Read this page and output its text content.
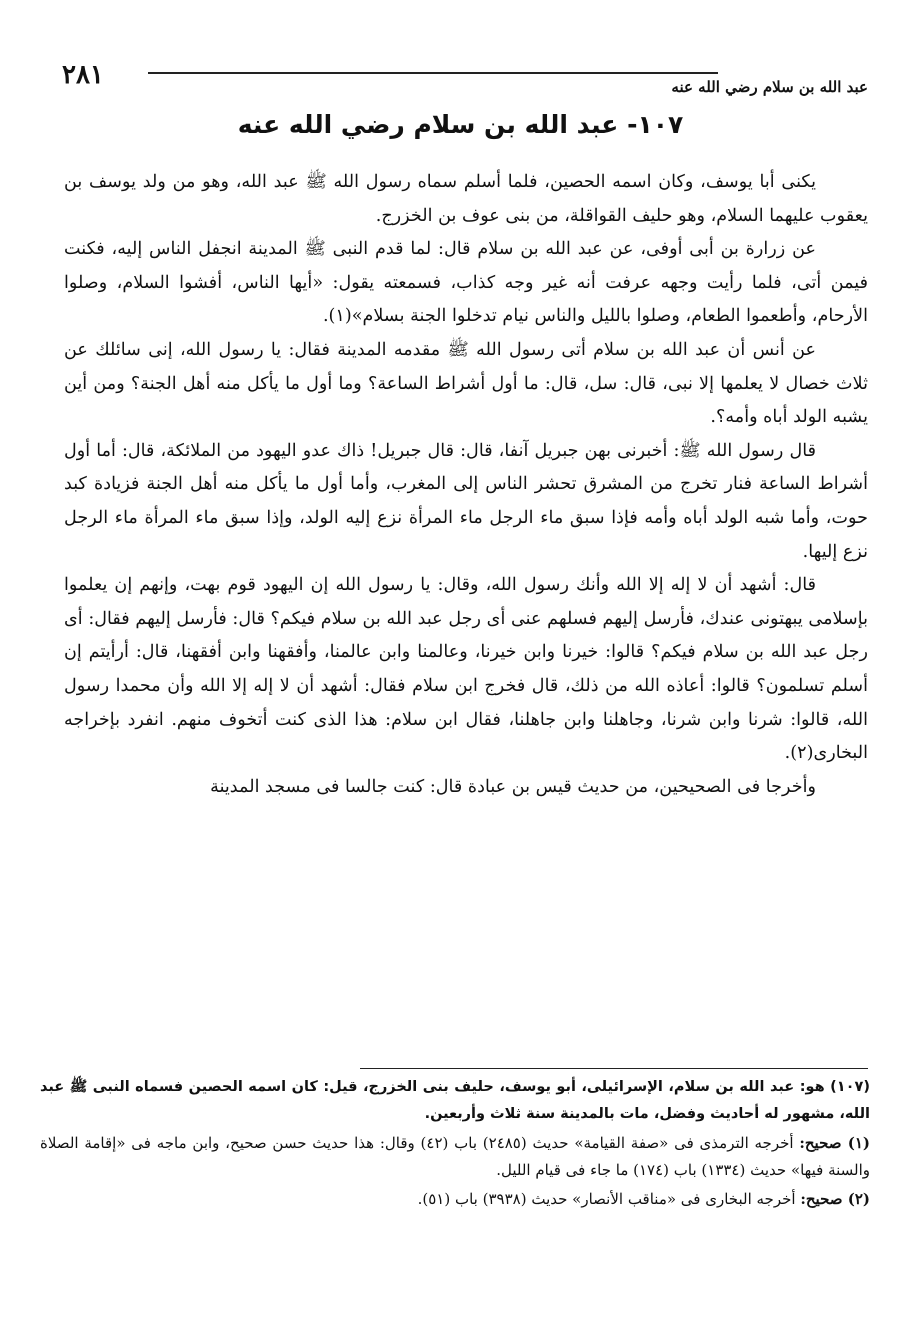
عبد الله بن سلام رضي الله عنه
٢٨١
١٠٧- عبد الله بن سلام رضي الله عنه

يكنى أبا يوسف، وكان اسمه الحصين، فلما أسلم سماه رسول الله ﷺ عبد الله، وهو من ولد يوسف بن يعقوب عليهما السلام، وهو حليف القواقلة، من بنى عوف بن الخزرج.

عن زرارة بن أبى أوفى، عن عبد الله بن سلام قال: لما قدم النبى ﷺ المدينة انجفل الناس إليه، فكنت فيمن أتى، فلما رأيت وجهه عرفت أنه غير وجه كذاب، فسمعته يقول: «أيها الناس، أفشوا السلام، وصلوا الأرحام، وأطعموا الطعام، وصلوا بالليل والناس نيام تدخلوا الجنة بسلام»(١).

عن أنس أن عبد الله بن سلام أتى رسول الله ﷺ مقدمه المدينة فقال: يا رسول الله، إنى سائلك عن ثلاث خصال لا يعلمها إلا نبى، قال: سل، قال: ما أول أشراط الساعة؟ وما أول ما يأكل منه أهل الجنة؟ ومن أين يشبه الولد أباه وأمه؟.

قال رسول الله ﷺ: أخبرنى بهن جبريل آنفا، قال: قال جبريل! ذاك عدو اليهود من الملائكة، قال: أما أول أشراط الساعة فنار تخرج من المشرق تحشر الناس إلى المغرب، وأما أول ما يأكل منه أهل الجنة فزيادة كبد حوت، وأما شبه الولد أباه وأمه فإذا سبق ماء الرجل ماء المرأة نزع إليه الولد، وإذا سبق ماء المرأة ماء الرجل نزع إليها.

قال: أشهد أن لا إله إلا الله وأنك رسول الله، وقال: يا رسول الله إن اليهود قوم بهت، وإنهم إن يعلموا بإسلامى يبهتونى عندك، فأرسل إليهم فسلهم عنى أى رجل عبد الله بن سلام فيكم؟ قال: فأرسل إليهم فقال: أى رجل عبد الله بن سلام فيكم؟ قالوا: خيرنا وابن خيرنا، وعالمنا وابن عالمنا، وأفقهنا وابن أفقهنا، قال: أرأيتم إن أسلم تسلمون؟ قالوا: أعاذه الله من ذلك، قال فخرج ابن سلام فقال: أشهد أن لا إله إلا الله وأن محمدا رسول الله، قالوا: شرنا وابن شرنا، وجاهلنا وابن جاهلنا، فقال ابن سلام: هذا الذى كنت أتخوف منهم. انفرد بإخراجه البخارى(٢).

وأخرجا فى الصحيحين، من حديث قيس بن عبادة قال: كنت جالسا فى مسجد المدينة

(١٠٧) هو: عبد الله بن سلام، الإسرائيلى، أبو يوسف، حليف بنى الخزرج، قيل: كان اسمه الحصين فسماه النبى ﷺ عبد الله، مشهور له أحاديث وفضل، مات بالمدينة سنة ثلاث وأربعين.

(١) صحيح: أخرجه الترمذى فى «صفة القيامة» حديث (٢٤٨٥) باب (٤٢) وقال: هذا حديث حسن صحيح، وابن ماجه فى «إقامة الصلاة والسنة فيها» حديث (١٣٣٤) باب (١٧٤) ما جاء فى قيام الليل.

(٢) صحيح: أخرجه البخارى فى «مناقب الأنصار» حديث (٣٩٣٨) باب (٥١).
